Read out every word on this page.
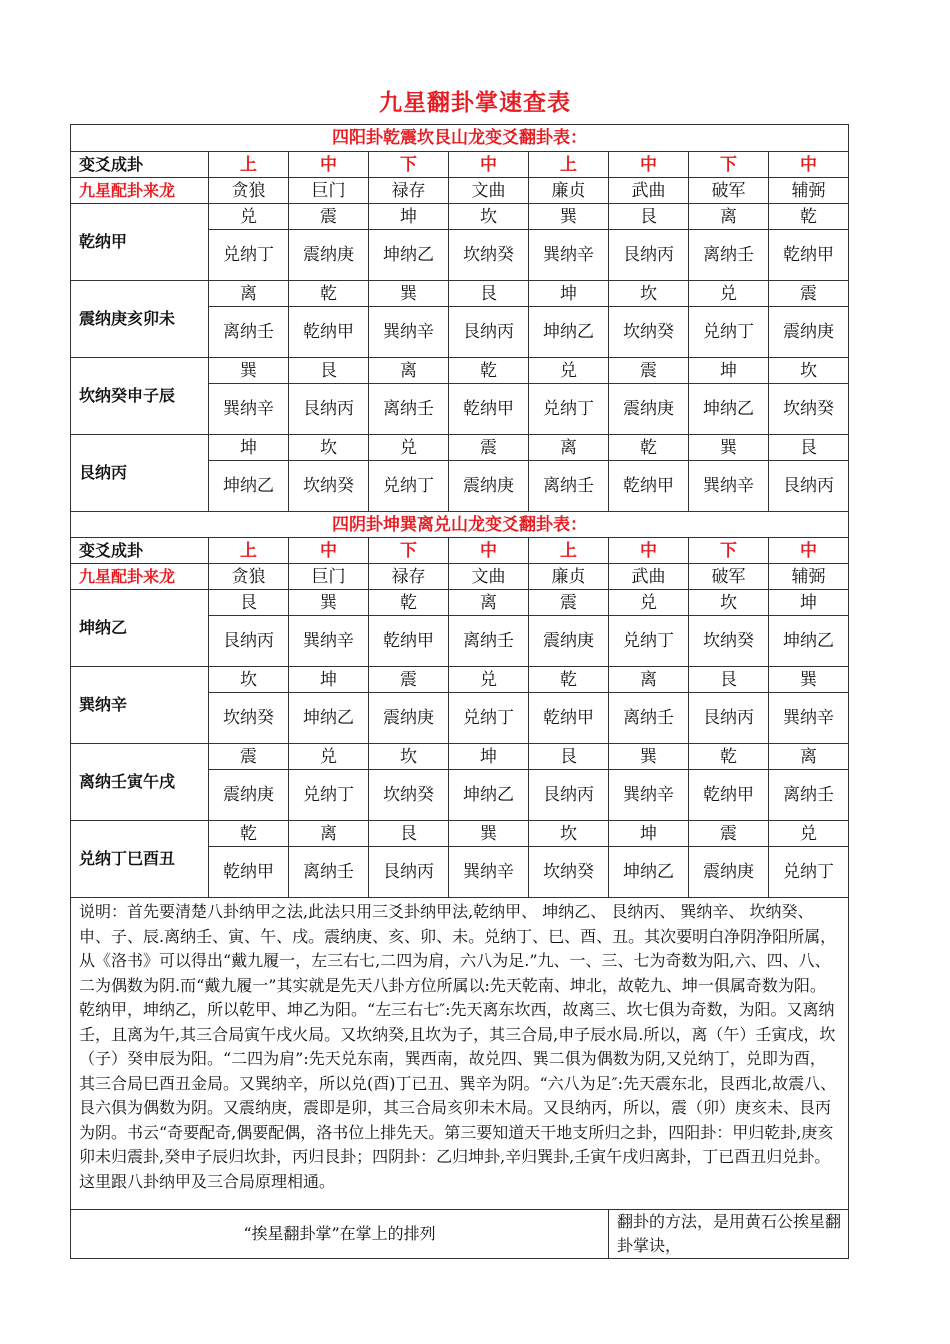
九星翻卦掌速查表
四阳卦乾震坎艮山龙变爻翻卦表：								
变爻成卦	上	中	下	中	上	中	下	中
九星配卦来龙	贪狼	巨门	禄存	文曲	廉贞	武曲	破军	辅弼
乾纳甲	兑	震	坤	坎	巽	艮	离	乾

	兑纳丁	震纳庚	坤纳乙	坎纳癸	巽纳辛	艮纳丙	离纳壬	乾纳甲

震纳庚亥卯未	离	乾	巽	艮	坤	坎	兑	震

	离纳壬	乾纳甲	巽纳辛	艮纳丙	坤纳乙	坎纳癸	兑纳丁	震纳庚

坎纳癸申子辰	巽	艮	离	乾	兑	震	坤	坎

	巽纳辛	艮纳丙	离纳壬	乾纳甲	兑纳丁	震纳庚	坤纳乙	坎纳癸

艮纳丙	坤	坎	兑	震	离	乾	巽	艮

	坤纳乙	坎纳癸	兑纳丁	震纳庚	离纳壬	乾纳甲	巽纳辛	艮纳丙

四阴卦坤巽离兑山龙变爻翻卦表：								
变爻成卦	上	中	下	中	上	中	下	中
九星配卦来龙	贪狼	巨门	禄存	文曲	廉贞	武曲	破军	辅弼
坤纳乙	艮	巽	乾	离	震	兑	坎	坤

	艮纳丙	巽纳辛	乾纳甲	离纳壬	震纳庚	兑纳丁	坎纳癸	坤纳乙

巽纳辛	坎	坤	震	兑	乾	离	艮	巽

	坎纳癸	坤纳乙	震纳庚	兑纳丁	乾纳甲	离纳壬	艮纳丙	巽纳辛

离纳壬寅午戌	震	兑	坎	坤	艮	巽	乾	离

	震纳庚	兑纳丁	坎纳癸	坤纳乙	艮纳丙	巽纳辛	乾纳甲	离纳壬

兑纳丁巳酉丑	乾	离	艮	巽	坎	坤	震	兑

	乾纳甲	离纳壬	艮纳丙	巽纳辛	坎纳癸	坤纳乙	震纳庚	兑纳丁

说明：首先要清楚八卦纳甲之法,此法只用三爻卦纳甲法,乾纳甲、 坤纳乙、 艮纳丙、 巽纳辛、 坎纳癸、申、子、辰.离纳壬、寅、午、戌。震纳庚、亥、卯、未。兑纳丁、巳、酉、丑。其次要明白净阴净阳所属，从《洛书》可以得出“戴九履一，左三右七,二四为肩，六八为足.”九、一、三、七为奇数为阳,六、四、八、二为偶数为阴.而“戴九履一”其实就是先天八卦方位所属以:先天乾南、坤北，故乾九、坤一俱属奇数为阳。乾纳甲，坤纳乙，所以乾甲、坤乙为阳。“左三右七″:先天离东坎西，故离三、坎七俱为奇数，为阳。又离纳壬，且离为午,其三合局寅午戌火局。又坎纳癸,且坎为子，其三合局,申子辰水局.所以，离（午）壬寅戌，坎（子）癸申辰为阳。“二四为肩”:先天兑东南，巽西南，故兑四、巽二俱为偶数为阴,又兑纳丁，兑即为酉，其三合局巳酉丑金局。又巽纳辛，所以兑(酉)丁已丑、巽辛为阴。“六八为足″:先天震东北，艮西北,故震八、艮六俱为偶数为阴。又震纳庚，震即是卯，其三合局亥卯未木局。又艮纳丙，所以，震（卯）庚亥未、艮丙为阴。书云“奇要配奇,偶要配偶，洛书位上排先天。第三要知道天干地支所归之卦，四阳卦：甲归乾卦,庚亥卯未归震卦,癸申子辰归坎卦，丙归艮卦；四阴卦：乙归坤卦,辛归巽卦,壬寅午戌归离卦，丁已酉丑归兑卦。这里跟八卦纳甲及三合局原理相通。								
“挨星翻卦掌”在掌上的排列						翻卦的方法，是用黄石公挨星翻卦掌诀，		
